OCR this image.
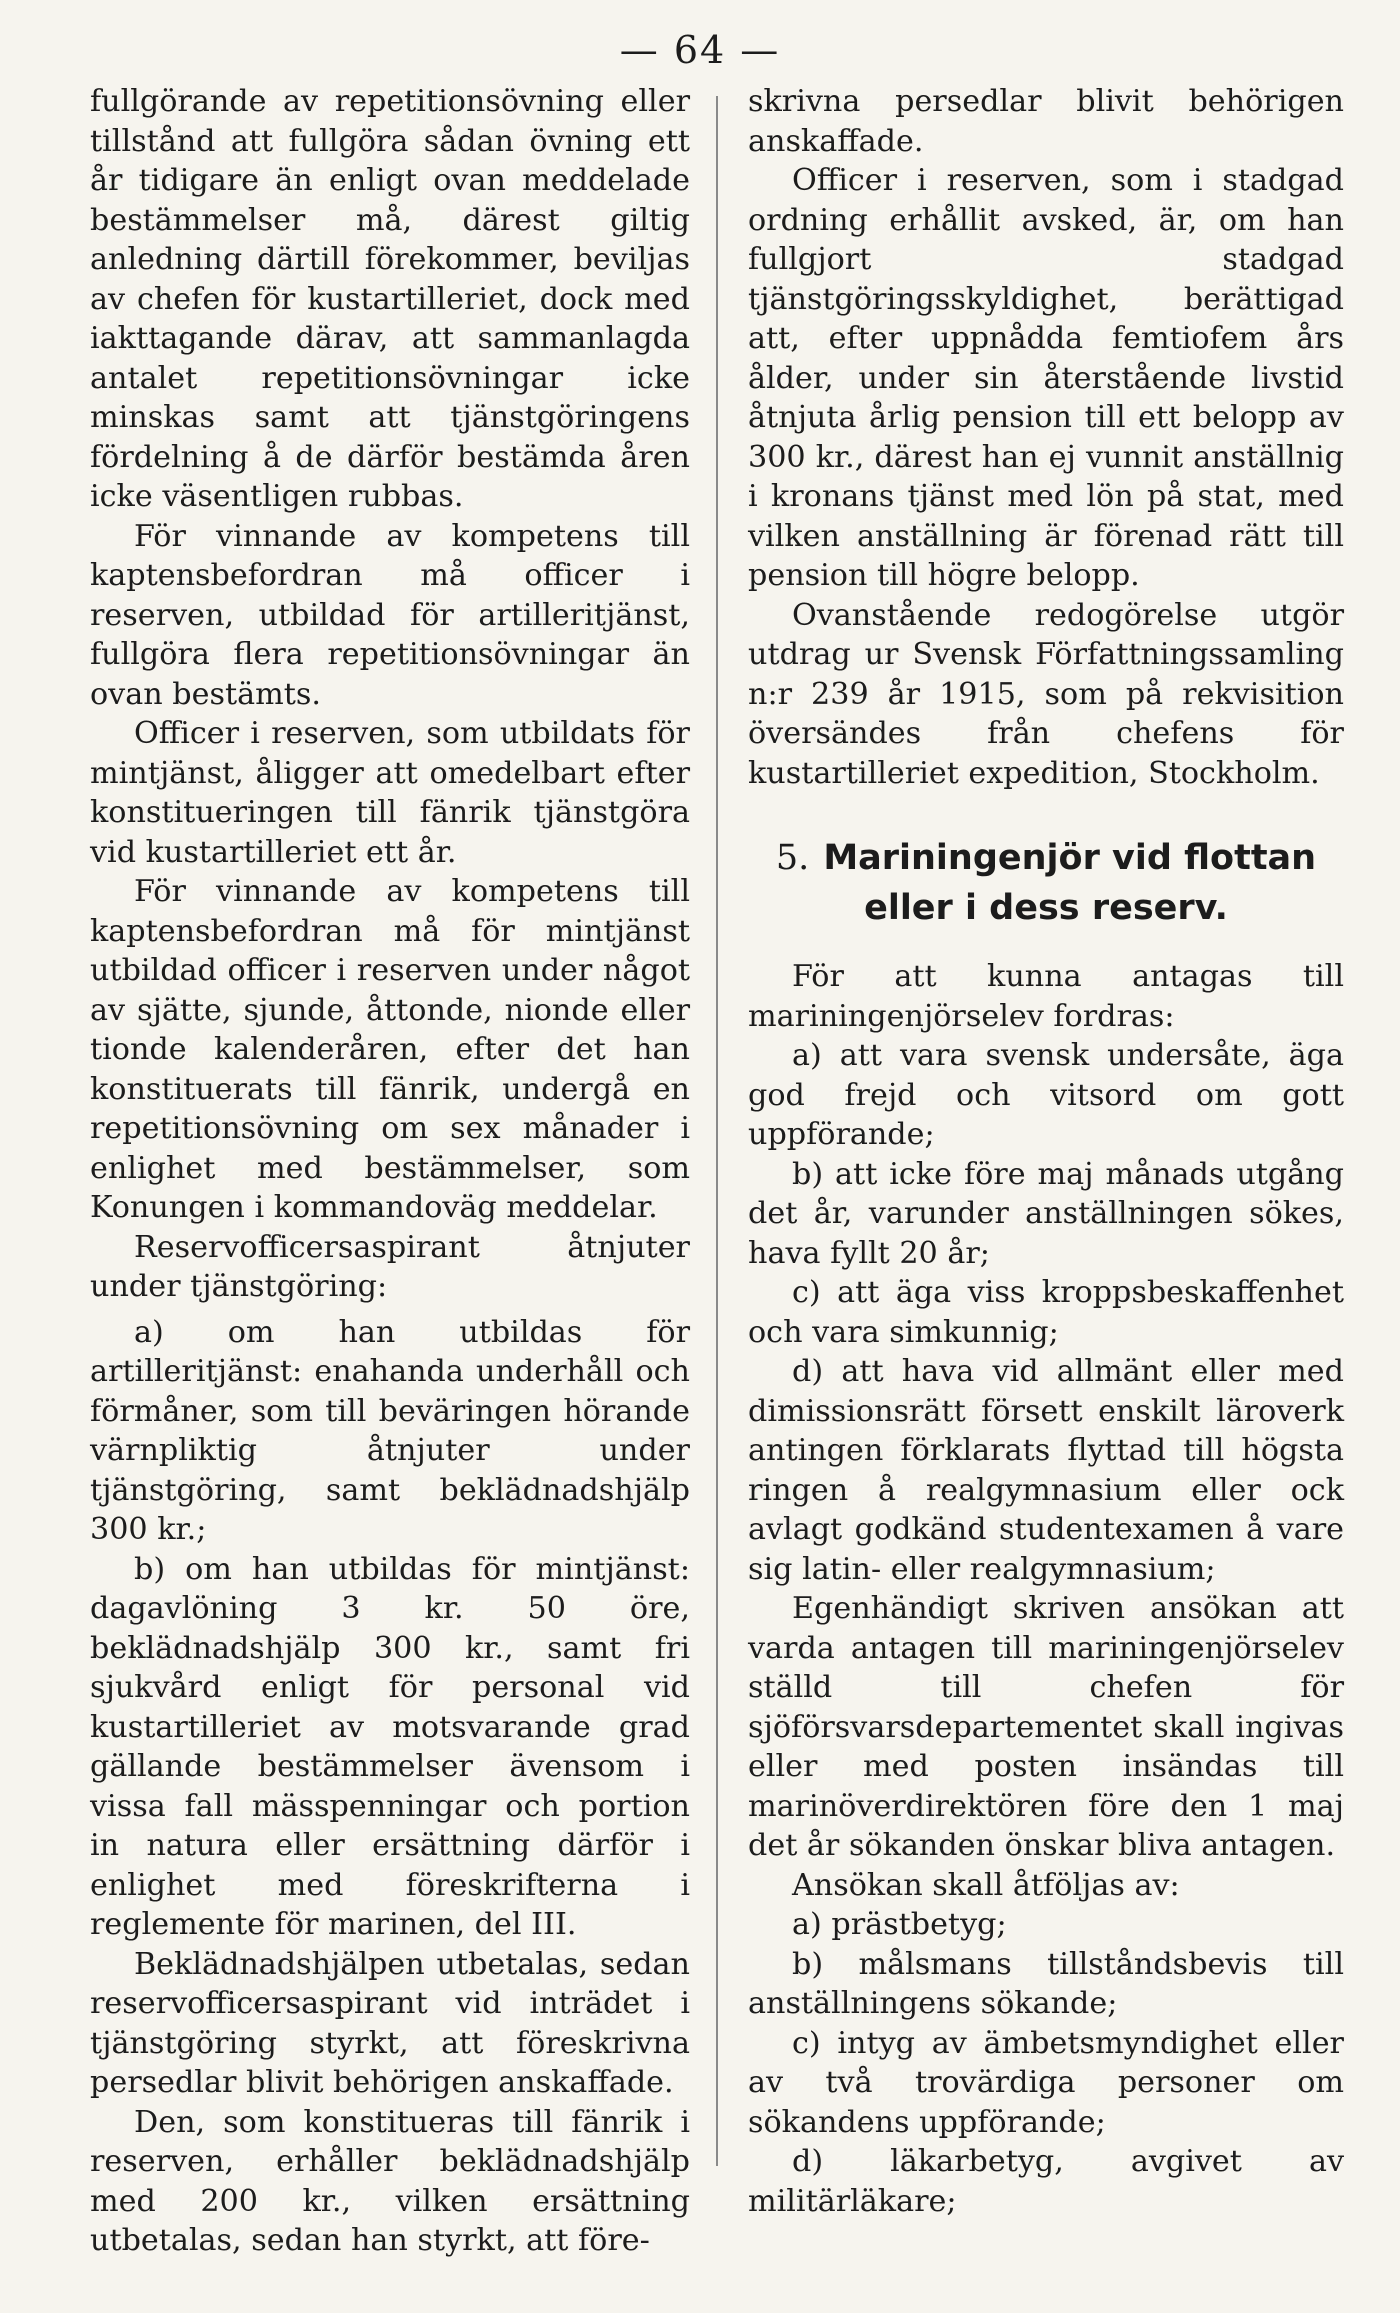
— 64 —

fullgörande av repetitionsövning eller tillstånd att fullgöra sådan övning ett år tidigare än enligt ovan meddelade bestämmelser må, därest giltig anledning därtill förekommer, beviljas av chefen för kustartilleriet, dock med iakttagande därav, att sammanlagda antalet repetitionsövningar icke minskas samt att tjänstgöringens fördelning å de därför bestämda åren icke väsentligen rubbas.

För vinnande av kompetens till kaptensbefordran må officer i reserven, utbildad för artilleritjänst, fullgöra flera repetitionsövningar än ovan bestämts.

Officer i reserven, som utbildats för mintjänst, åligger att omedelbart efter konstitueringen till fänrik tjänstgöra vid kustartilleriet ett år.

För vinnande av kompetens till kaptensbefordran må för mintjänst utbildad officer i reserven under något av sjätte, sjunde, åttonde, nionde eller tionde kalenderåren, efter det han konstituerats till fänrik, undergå en repetitionsövning om sex månader i enlighet med bestämmelser, som Konungen i kommandoväg meddelar.

Reservofficersaspirant åtnjuter under tjänstgöring:

a) om han utbildas för artilleritjänst: enahanda underhåll och förmåner, som till beväringen hörande värnpliktig åtnjuter under tjänstgöring, samt beklädnadshjälp 300 kr.;

b) om han utbildas för mintjänst: dagavlöning 3 kr. 50 öre, beklädnadshjälp 300 kr., samt fri sjukvård enligt för personal vid kustartilleriet av motsvarande grad gällande bestämmelser ävensom i vissa fall mässpenningar och portion in natura eller ersättning därför i enlighet med föreskrifterna i reglemente för marinen, del III.

Beklädnadshjälpen utbetalas, sedan reservofficersaspirant vid inträdet i tjänstgöring styrkt, att föreskrivna persedlar blivit behörigen anskaffade.

Den, som konstitueras till fänrik i reserven, erhåller beklädnadshjälp med 200 kr., vilken ersättning utbetalas, sedan han styrkt, att före-

skrivna persedlar blivit behörigen anskaffade.

Officer i reserven, som i stadgad ordning erhållit avsked, är, om han fullgjort stadgad tjänstgöringsskyldighet, berättigad att, efter uppnådda femtiofem års ålder, under sin återstående livstid åtnjuta årlig pension till ett belopp av 300 kr., därest han ej vunnit anställnig i kronans tjänst med lön på stat, med vilken anställning är förenad rätt till pension till högre belopp.

Ovanstående redogörelse utgör utdrag ur Svensk Författningssamling n:r 239 år 1915, som på rekvisition översändes från chefens för kustartilleriet expedition, Stockholm.

5. Mariningenjör vid flottan
eller i dess reserv.

För att kunna antagas till mariningenjörselev fordras:

a) att vara svensk undersåte, äga god frejd och vitsord om gott uppförande;

b) att icke före maj månads utgång det år, varunder anställningen sökes, hava fyllt 20 år;

c) att äga viss kroppsbeskaffenhet och vara simkunnig;

d) att hava vid allmänt eller med dimissionsrätt försett enskilt läroverk antingen förklarats flyttad till högsta ringen å realgymnasium eller ock avlagt godkänd studentexamen å vare sig latin- eller realgymnasium;

Egenhändigt skriven ansökan att varda antagen till mariningenjörselev ställd till chefen för sjöförsvarsdepartementet skall ingivas eller med posten insändas till marinöverdirektören före den 1 maj det år sökanden önskar bliva antagen.

Ansökan skall åtföljas av:

a) prästbetyg;

b) målsmans tillståndsbevis till anställningens sökande;

c) intyg av ämbetsmyndighet eller av två trovärdiga personer om sökandens uppförande;

d) läkarbetyg, avgivet av militärläkare;
